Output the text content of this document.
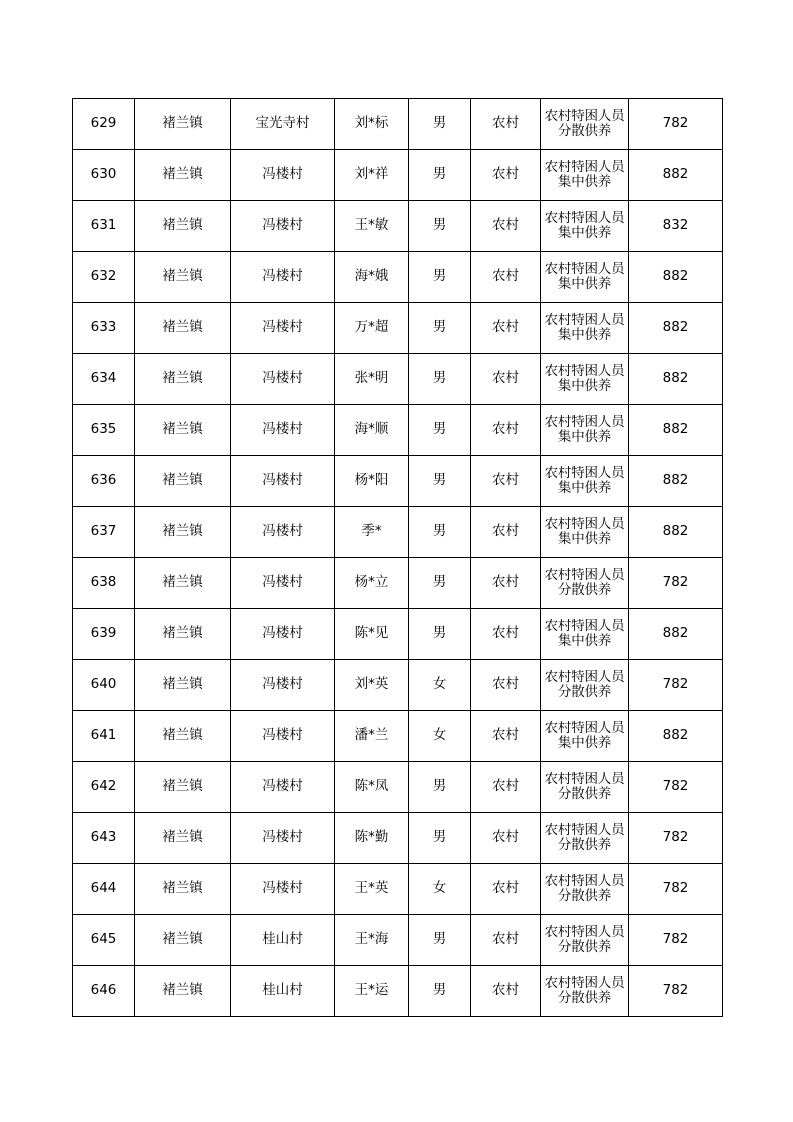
629	褚兰镇	宝光寺村	刘*标	男	农村	农村特困人员分散供养	782
630	褚兰镇	冯楼村	刘*祥	男	农村	农村特困人员集中供养	882
631	褚兰镇	冯楼村	王*敏	男	农村	农村特困人员集中供养	832
632	褚兰镇	冯楼村	海*娥	男	农村	农村特困人员集中供养	882
633	褚兰镇	冯楼村	万*超	男	农村	农村特困人员集中供养	882
634	褚兰镇	冯楼村	张*明	男	农村	农村特困人员集中供养	882
635	褚兰镇	冯楼村	海*顺	男	农村	农村特困人员集中供养	882
636	褚兰镇	冯楼村	杨*阳	男	农村	农村特困人员集中供养	882
637	褚兰镇	冯楼村	季*	男	农村	农村特困人员集中供养	882
638	褚兰镇	冯楼村	杨*立	男	农村	农村特困人员分散供养	782
639	褚兰镇	冯楼村	陈*见	男	农村	农村特困人员集中供养	882
640	褚兰镇	冯楼村	刘*英	女	农村	农村特困人员分散供养	782
641	褚兰镇	冯楼村	潘*兰	女	农村	农村特困人员集中供养	882
642	褚兰镇	冯楼村	陈*凤	男	农村	农村特困人员分散供养	782
643	褚兰镇	冯楼村	陈*勤	男	农村	农村特困人员分散供养	782
644	褚兰镇	冯楼村	王*英	女	农村	农村特困人员分散供养	782
645	褚兰镇	桂山村	王*海	男	农村	农村特困人员分散供养	782
646	褚兰镇	桂山村	王*运	男	农村	农村特困人员分散供养	782
